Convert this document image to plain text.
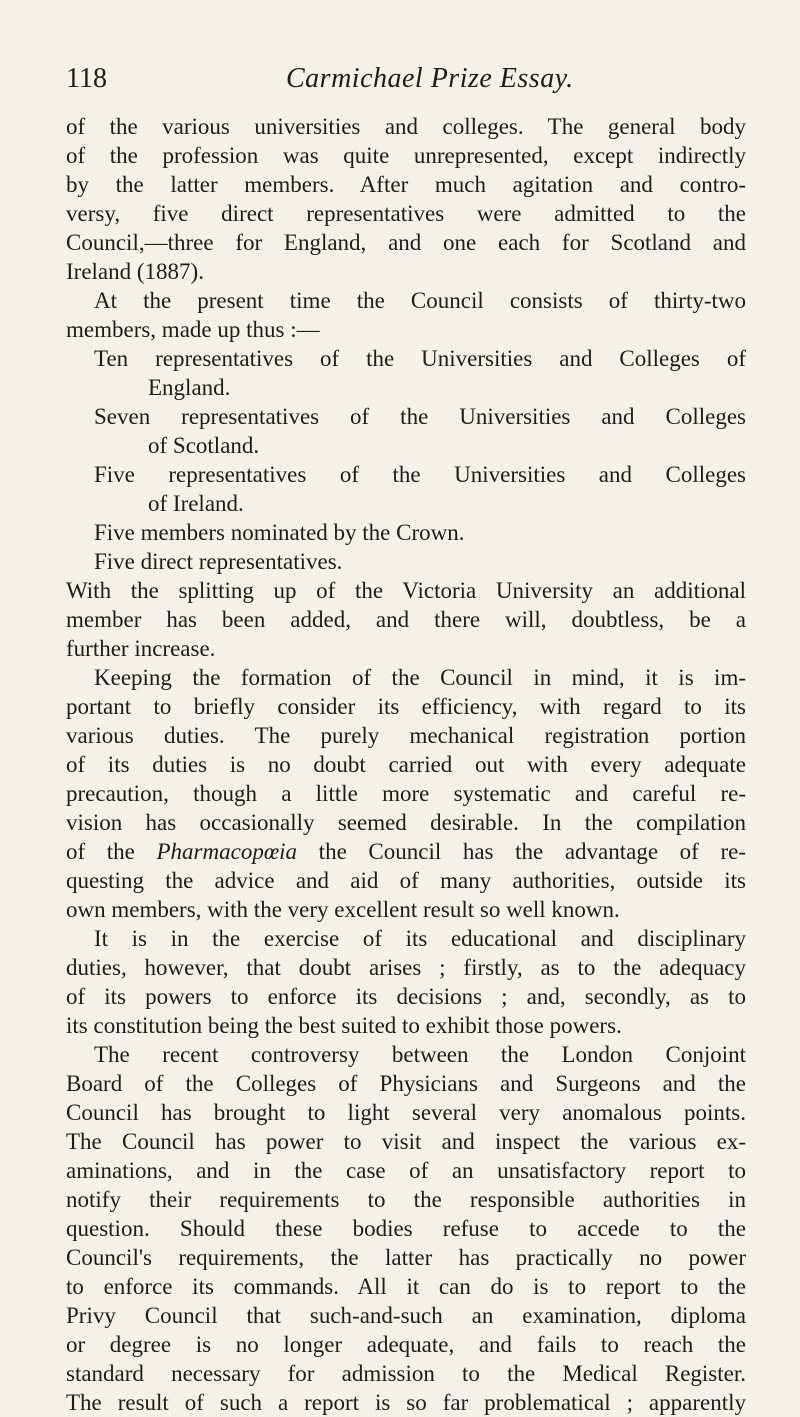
118	Carmichael Prize Essay.
of the various universities and colleges. The general body
of the profession was quite unrepresented, except indirectly
by the latter members. After much agitation and contro-
versy, five direct representatives were admitted to the
Council,—three for England, and one each for Scotland and
Ireland (1887).
At the present time the Council consists of thirty-two
members, made up thus :—
Ten representatives of the Universities and Colleges of
England.
Seven representatives of the Universities and Colleges
of Scotland.
Five representatives of the Universities and Colleges
of Ireland.
Five members nominated by the Crown.
Five direct representatives.
With the splitting up of the Victoria University an additional
member has been added, and there will, doubtless, be a
further increase.
Keeping the formation of the Council in mind, it is im-
portant to briefly consider its efficiency, with regard to its
various duties. The purely mechanical registration portion
of its duties is no doubt carried out with every adequate
precaution, though a little more systematic and careful re-
vision has occasionally seemed desirable. In the compilation
of the Pharmacopœia the Council has the advantage of re-
questing the advice and aid of many authorities, outside its
own members, with the very excellent result so well known.
It is in the exercise of its educational and disciplinary
duties, however, that doubt arises ; firstly, as to the adequacy
of its powers to enforce its decisions ; and, secondly, as to
its constitution being the best suited to exhibit those powers.
The recent controversy between the London Conjoint
Board of the Colleges of Physicians and Surgeons and the
Council has brought to light several very anomalous points.
The Council has power to visit and inspect the various ex-
aminations, and in the case of an unsatisfactory report to
notify their requirements to the responsible authorities in
question. Should these bodies refuse to accede to the
Council's requirements, the latter has practically no power
to enforce its commands. All it can do is to report to the
Privy Council that such-and-such an examination, diploma
or degree is no longer adequate, and fails to reach the
standard necessary for admission to the Medical Register.
The result of such a report is so far problematical ; apparently
